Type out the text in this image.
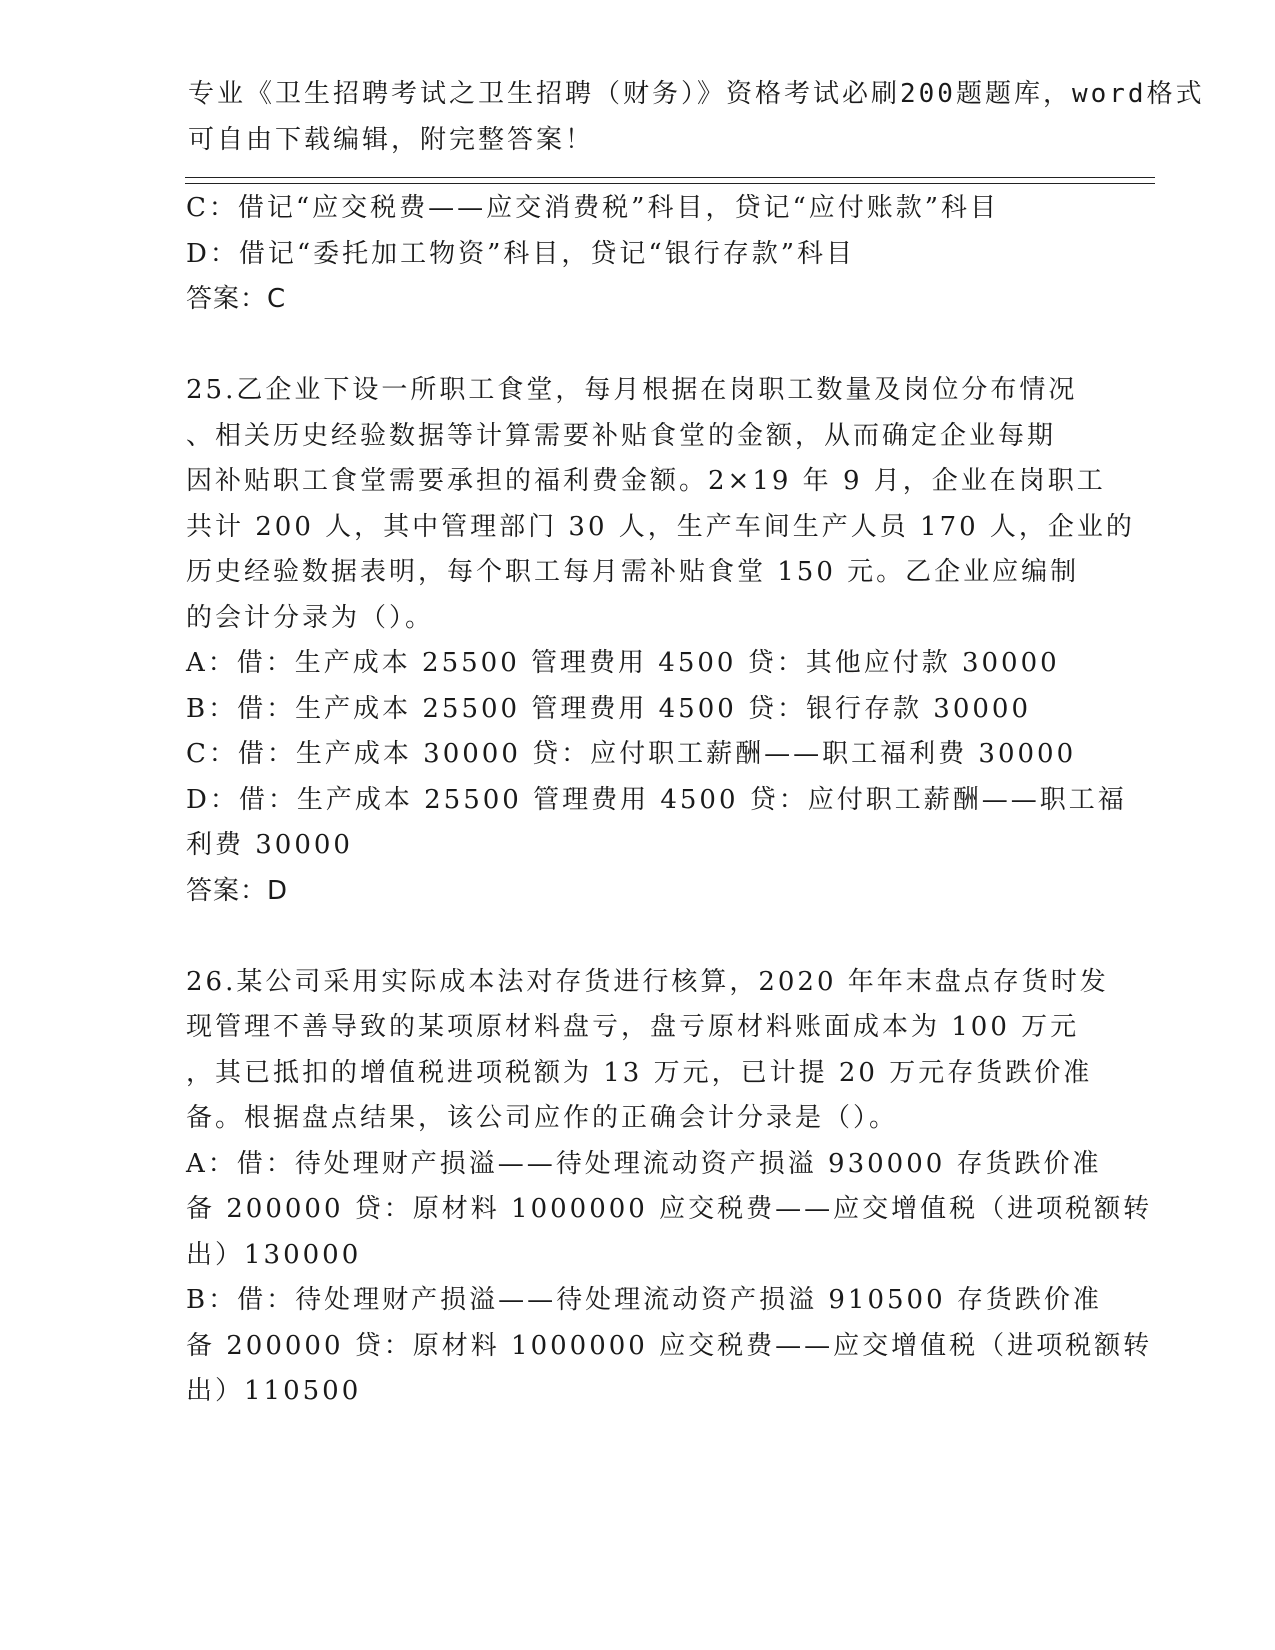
专业《卫生招聘考试之卫生招聘（财务）》资格考试必刷200题题库，word格式
可自由下载编辑，附完整答案！
C：借记“应交税费——应交消费税”科目，贷记“应付账款”科目
D：借记“委托加工物资”科目，贷记“银行存款”科目
答案：C
25.乙企业下设一所职工食堂，每月根据在岗职工数量及岗位分布情况
、相关历史经验数据等计算需要补贴食堂的金额，从而确定企业每期
因补贴职工食堂需要承担的福利费金额。2×19 年 9 月，企业在岗职工
共计 200 人，其中管理部门 30 人，生产车间生产人员 170 人，企业的
历史经验数据表明，每个职工每月需补贴食堂 150 元。乙企业应编制
的会计分录为（）。
A：借：生产成本 25500 管理费用 4500 贷：其他应付款 30000
B：借：生产成本 25500 管理费用 4500 贷：银行存款 30000
C：借：生产成本 30000 贷：应付职工薪酬——职工福利费 30000
D：借：生产成本 25500 管理费用 4500 贷：应付职工薪酬——职工福
利费 30000
答案：D
26.某公司采用实际成本法对存货进行核算，2020 年年末盘点存货时发
现管理不善导致的某项原材料盘亏，盘亏原材料账面成本为 100 万元
，其已抵扣的增值税进项税额为 13 万元，已计提 20 万元存货跌价准
备。根据盘点结果，该公司应作的正确会计分录是（）。
A：借：待处理财产损溢——待处理流动资产损溢 930000 存货跌价准
备 200000 贷：原材料 1000000 应交税费——应交增值税（进项税额转
出）130000
B：借：待处理财产损溢——待处理流动资产损溢 910500 存货跌价准
备 200000 贷：原材料 1000000 应交税费——应交增值税（进项税额转
出）110500
